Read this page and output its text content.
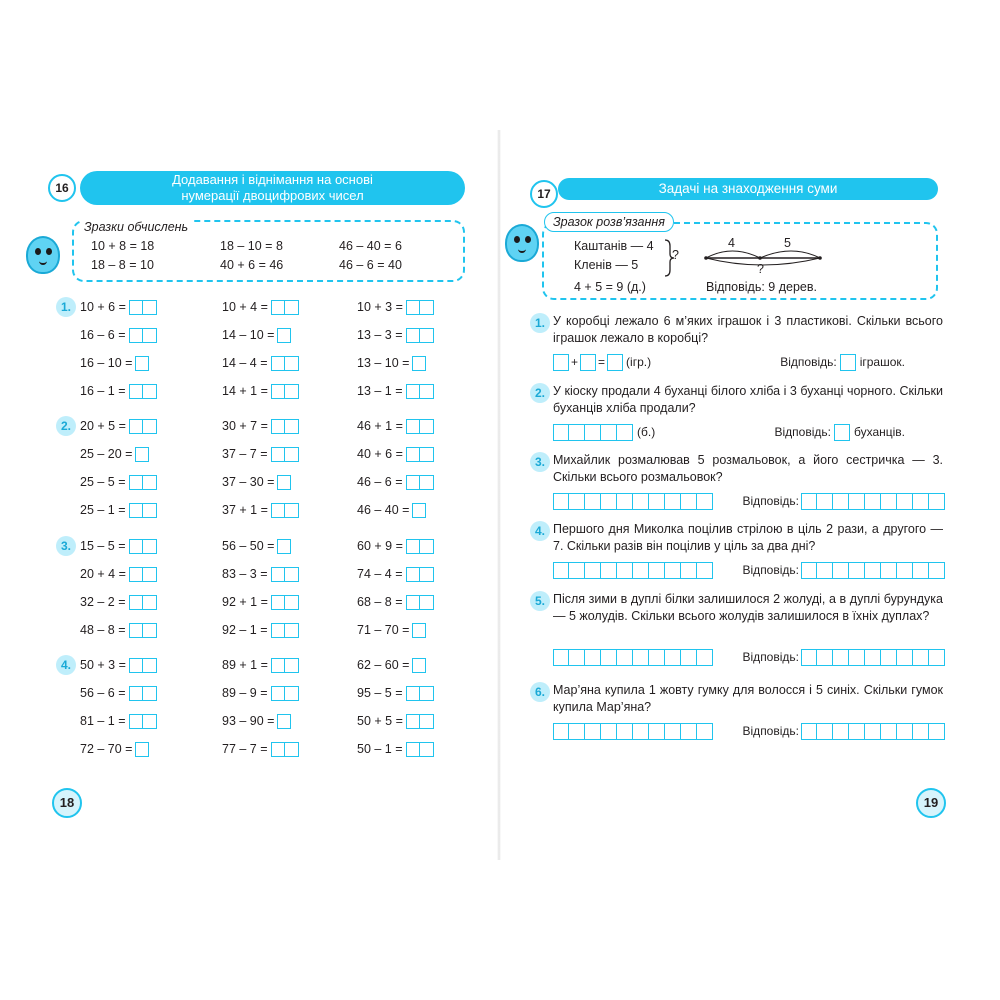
16
Додавання і віднімання на основі
нумерації двоцифрових чисел
Зразки обчислень
10 + 8 = 18	18 – 10 = 8	46 – 40 = 6
18 – 8 = 10	40 + 6 = 46	46 – 6 = 40
1. 10 + 6 =	10 + 4 =	10 + 3 =
16 – 6 =	14 – 10 =	13 – 3 =
16 – 10 =	14 – 4 =	13 – 10 =
16 – 1 =	14 + 1 =	13 – 1 =
2. 20 + 5 =	30 + 7 =	46 + 1 =
25 – 20 =	37 – 7 =	40 + 6 =
25 – 5 =	37 – 30 =	46 – 6 =
25 – 1 =	37 + 1 =	46 – 40 =
3. 15 – 5 =	56 – 50 =	60 + 9 =
20 + 4 =	83 – 3 =	74 – 4 =
32 – 2 =	92 + 1 =	68 – 8 =
48 – 8 =	92 – 1 =	71 – 70 =
4. 50 + 3 =	89 + 1 =	62 – 60 =
56 – 6 =	89 – 9 =	95 – 5 =
81 – 1 =	93 – 90 =	50 + 5 =
72 – 70 =	77 – 7 =	50 – 1 =
18
17	Задачі на знаходження суми
Зразок розв’язання
Каштанів — 4
Кленів — 5
?
4	5
?
4 + 5 = 9 (д.)	Відповідь: 9 дерев.
1. У коробці лежало 6 м’яких іграшок і 3 пластикові. Скільки всього іграшок лежало в коробці?
+ = (ігр.)	Відповідь: іграшок.
2. У кіоску продали 4 буханці білого хліба і 3 буханці чорного. Скільки буханців хліба продали?
(б.)	Відповідь: буханців.
3. Михайлик розмалював 5 розмальовок, а його сестричка — 3. Скільки всього розмальовок?
Відповідь:
4. Першого дня Миколка поцілив стрілою в ціль 2 рази, а другого — 7. Скільки разів він поцілив у ціль за два дні?
Відповідь:
5. Після зими в дуплі білки залишилося 2 жолуді, а в дуплі бурундука — 5 жолудів. Скільки всього жолудів залишилося в їхніх дуплах?
Відповідь:
6. Мар’яна купила 1 жовту гумку для волосся і 5 синіх. Скільки гумок купила Мар’яна?
Відповідь:
19
